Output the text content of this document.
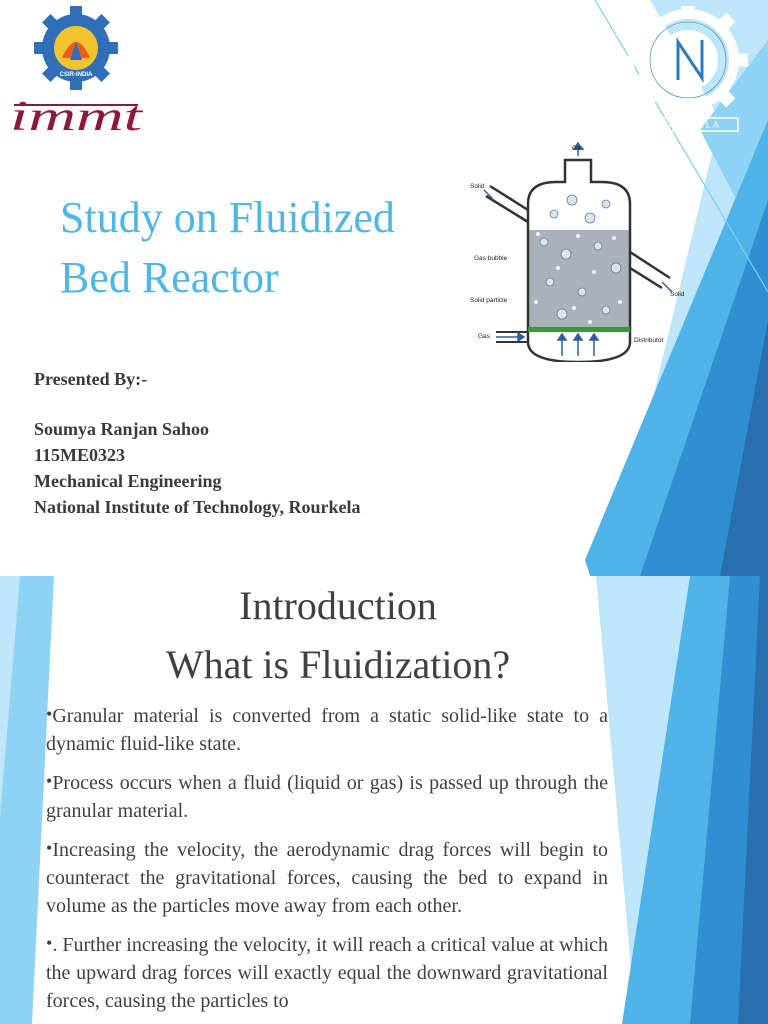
CSIR-INDIA
immt	ROURKELA
Study on Fluidized
Bed Reactor
Gas
Solid
Gas bubble
Solid particle
Gas
Solid
Distributor
Presented By:-
Soumya Ranjan Sahoo
115ME0323
Mechanical Engineering
National Institute of Technology, Rourkela
Introduction
What is Fluidization?

•Granular material is converted from a static solid-like state to a dynamic fluid-like state.

•Process occurs when a fluid (liquid or gas) is passed up through the granular material.

•Increasing the velocity, the aerodynamic drag forces will begin to counteract the gravitational forces, causing the bed to expand in volume as the particles move away from each other.

•. Further increasing the velocity, it will reach a critical value at which the upward drag forces will exactly equal the downward gravitational forces, causing the particles to
